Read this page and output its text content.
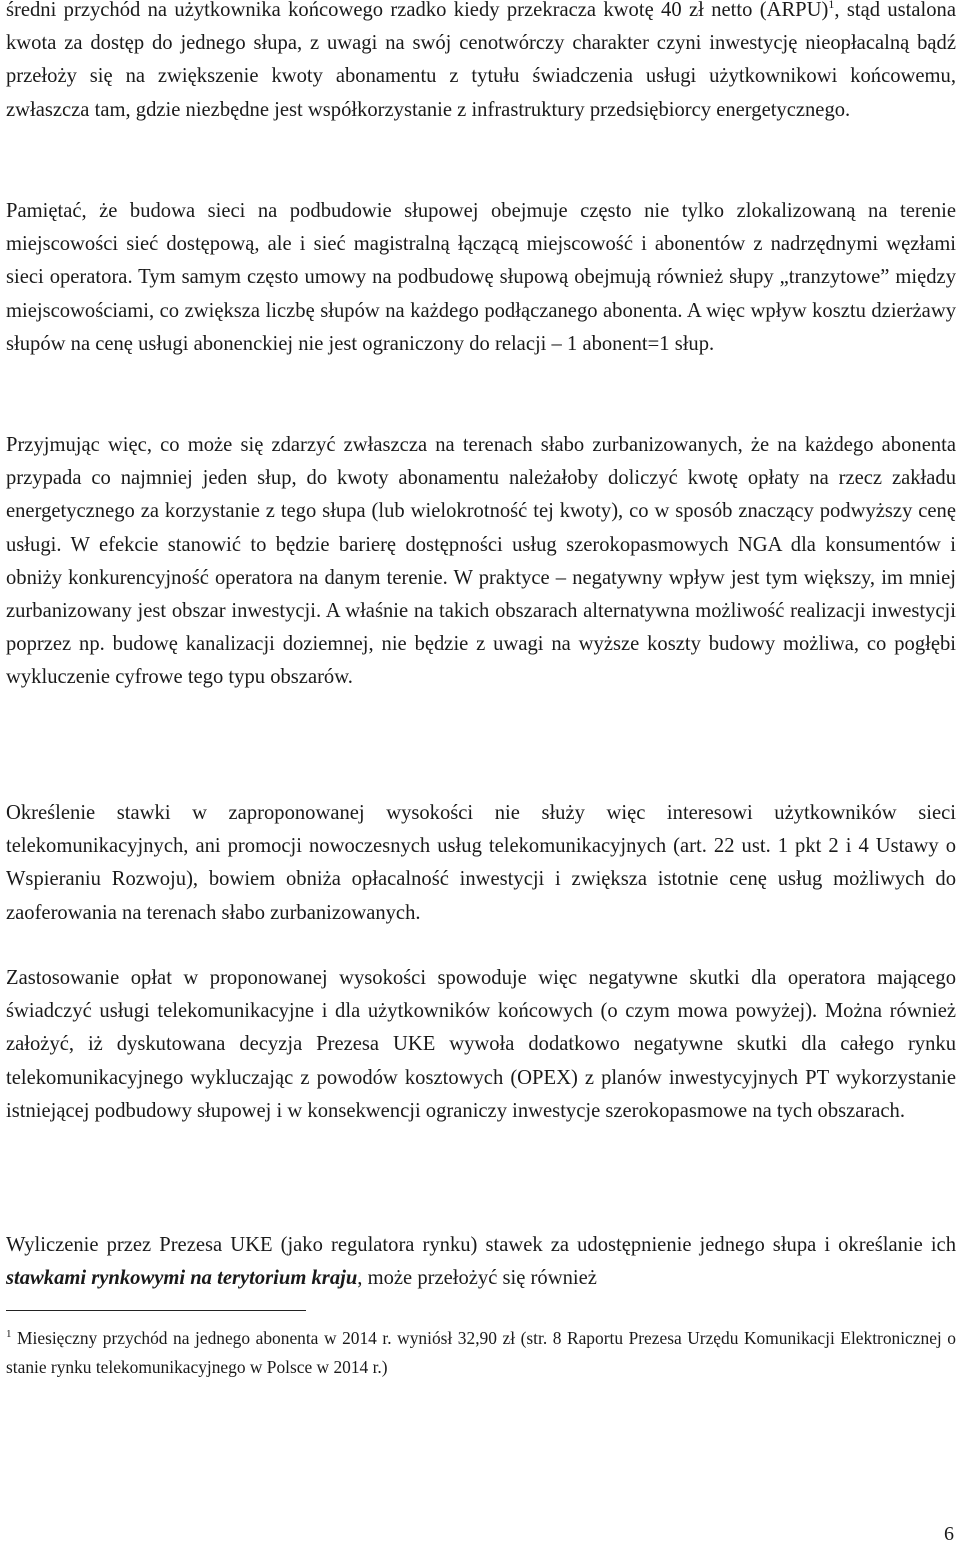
średni przychód na użytkownika końcowego rzadko kiedy przekracza kwotę 40 zł netto (ARPU)$^1$, stąd ustalona kwota za dostęp do jednego słupa, z uwagi na swój cenotwórczy charakter czyni inwestycję nieopłacalną bądź przełoży się na zwiększenie kwoty abonamentu z tytułu świadczenia usługi użytkownikowi końcowemu, zwłaszcza tam, gdzie niezbędne jest współkorzystanie z infrastruktury przedsiębiorcy energetycznego.

Pamiętać, że budowa sieci na podbudowie słupowej obejmuje często nie tylko zlokalizowaną na terenie miejscowości sieć dostępową, ale i sieć magistralną łączącą miejscowość i abonentów z nadrzędnymi węzłami sieci operatora. Tym samym często umowy na podbudowę słupową obejmują również słupy „tranzytowe” między miejscowościami, co zwiększa liczbę słupów na każdego podłączanego abonenta. A więc wpływ kosztu dzierżawy słupów na cenę usługi abonenckiej nie jest ograniczony do relacji – 1 abonent=1 słup.

Przyjmując więc, co może się zdarzyć zwłaszcza na terenach słabo zurbanizowanych, że na każdego abonenta przypada co najmniej jeden słup, do kwoty abonamentu należałoby doliczyć kwotę opłaty na rzecz zakładu energetycznego za korzystanie z tego słupa (lub wielokrotność tej kwoty), co w sposób znaczący podwyższy cenę usługi. W efekcie stanowić to będzie barierę dostępności usług szerokopasmowych NGA dla konsumentów i obniży konkurencyjność operatora na danym terenie. W praktyce – negatywny wpływ jest tym większy, im mniej zurbanizowany jest obszar inwestycji. A właśnie na takich obszarach alternatywna możliwość realizacji inwestycji poprzez np. budowę kanalizacji doziemnej, nie będzie z uwagi na wyższe koszty budowy możliwa, co pogłębi wykluczenie cyfrowe tego typu obszarów.

Określenie stawki w zaproponowanej wysokości nie służy więc interesowi użytkowników sieci telekomunikacyjnych, ani promocji nowoczesnych usług telekomunikacyjnych (art. 22 ust. 1 pkt 2 i 4 Ustawy o Wspieraniu Rozwoju), bowiem obniża opłacalność inwestycji i zwiększa istotnie cenę usług możliwych do zaoferowania na terenach słabo zurbanizowanych.

Zastosowanie opłat w proponowanej wysokości spowoduje więc negatywne skutki dla operatora mającego świadczyć usługi telekomunikacyjne i dla użytkowników końcowych (o czym mowa powyżej). Można również założyć, iż dyskutowana decyzja Prezesa UKE wywoła dodatkowo negatywne skutki dla całego rynku telekomunikacyjnego wykluczając z powodów kosztowych (OPEX) z planów inwestycyjnych PT wykorzystanie istniejącej podbudowy słupowej i w konsekwencji ograniczy inwestycje szerokopasmowe na tych obszarach.

Wyliczenie przez Prezesa UKE (jako regulatora rynku) stawek za udostępnienie jednego słupa i określanie ich stawkami rynkowymi na terytorium kraju, może przełożyć się również

$^1$ Miesięczny przychód na jednego abonenta w 2014 r. wyniósł 32,90 zł (str. 8 Raportu Prezesa Urzędu Komunikacji Elektronicznej o stanie rynku telekomunikacyjnego w Polsce w 2014 r.)

6
